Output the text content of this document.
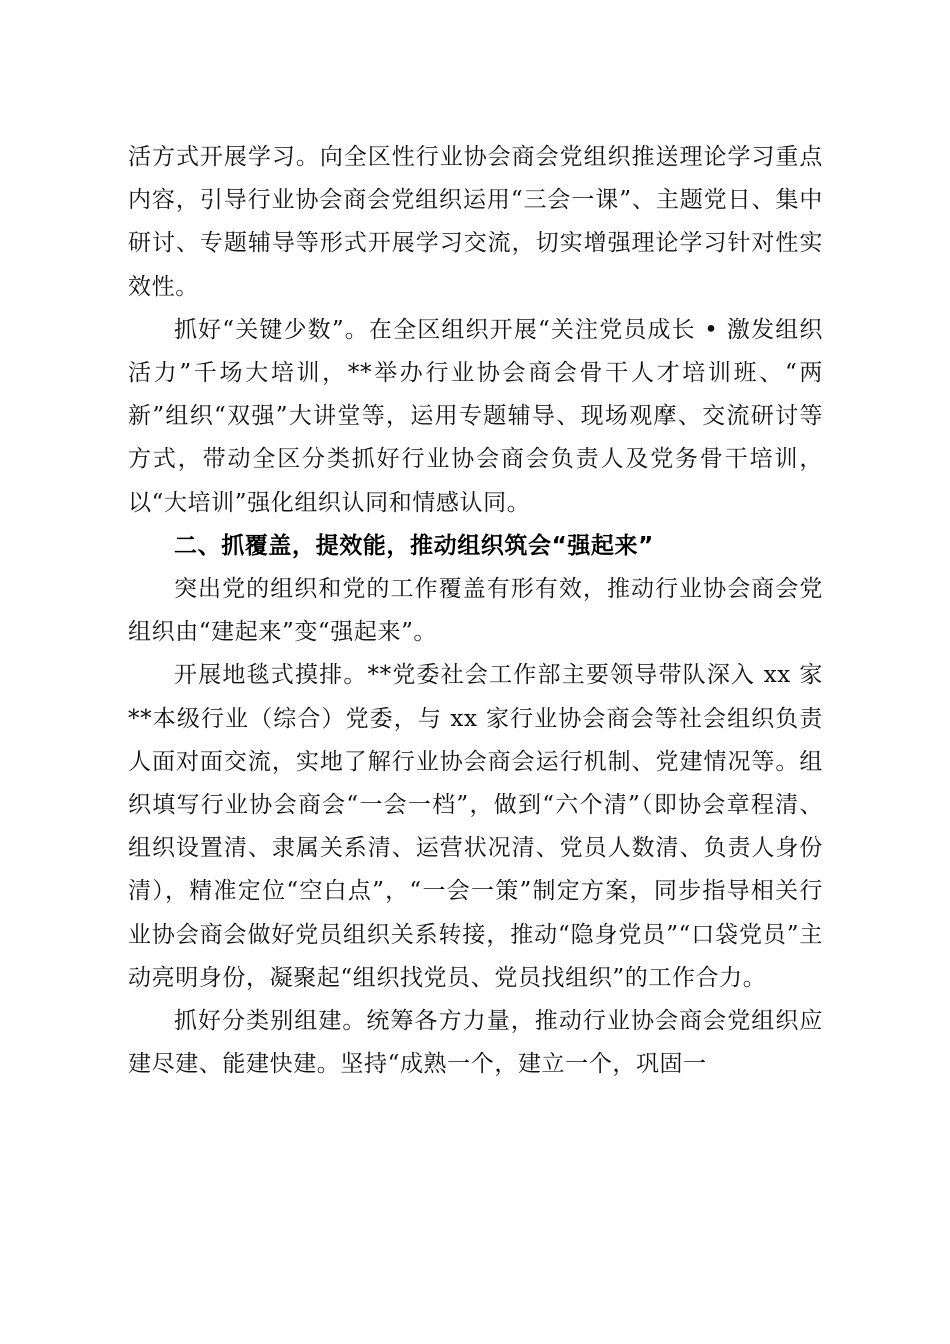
活方式开展学习。向全区性行业协会商会党组织推送理论学习重点内容，引导行业协会商会党组织运用“三会一课”、主题党日、集中研讨、专题辅导等形式开展学习交流，切实增强理论学习针对性实效性。

抓好“关键少数”。在全区组织开展“关注党员成长 • 激发组织活力”千场大培训，**举办行业协会商会骨干人才培训班、“两新”组织“双强”大讲堂等，运用专题辅导、现场观摩、交流研讨等方式，带动全区分类抓好行业协会商会负责人及党务骨干培训，以“大培训”强化组织认同和情感认同。

二、抓覆盖，提效能，推动组织筑会“强起来”

突出党的组织和党的工作覆盖有形有效，推动行业协会商会党组织由“建起来”变“强起来”。

开展地毯式摸排。**党委社会工作部主要领导带队深入 xx 家**本级行业（综合）党委，与 xx 家行业协会商会等社会组织负责人面对面交流，实地了解行业协会商会运行机制、党建情况等。组织填写行业协会商会“一会一档”，做到“六个清”（即协会章程清、组织设置清、隶属关系清、运营状况清、党员人数清、负责人身份清），精准定位“空白点”，“一会一策”制定方案，同步指导相关行业协会商会做好党员组织关系转接，推动“隐身党员”“口袋党员”主动亮明身份，凝聚起“组织找党员、党员找组织”的工作合力。

抓好分类别组建。统筹各方力量，推动行业协会商会党组织应建尽建、能建快建。坚持“成熟一个，建立一个，巩固一
